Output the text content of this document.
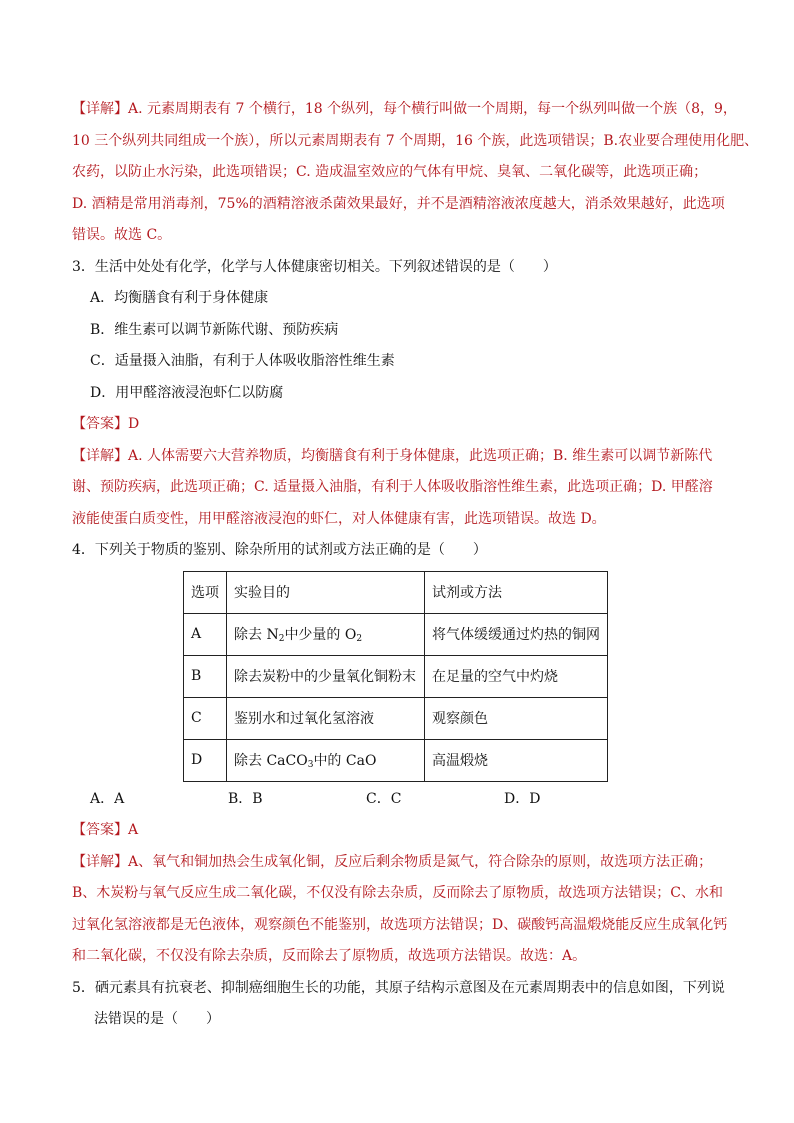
【详解】A. 元素周期表有 7 个横行，18 个纵列，每个横行叫做一个周期，每一个纵列叫做一个族（8，9，
10 三个纵列共同组成一个族），所以元素周期表有 7 个周期，16 个族，此选项错误；B.农业要合理使用化肥、
农药，以防止水污染，此选项错误；C. 造成温室效应的气体有甲烷、臭氧、二氧化碳等，此选项正确；
D. 酒精是常用消毒剂，75%的酒精溶液杀菌效果最好，并不是酒精溶液浓度越大，消杀效果越好，此选项
错误。故选 C。
3．生活中处处有化学，化学与人体健康密切相关。下列叙述错误的是（　　）
A．均衡膳食有利于身体健康
B．维生素可以调节新陈代谢、预防疾病
C．适量摄入油脂，有利于人体吸收脂溶性维生素
D．用甲醛溶液浸泡虾仁以防腐
【答案】D
【详解】A. 人体需要六大营养物质，均衡膳食有利于身体健康，此选项正确；B. 维生素可以调节新陈代
谢、预防疾病，此选项正确；C. 适量摄入油脂，有利于人体吸收脂溶性维生素，此选项正确；D. 甲醛溶
液能使蛋白质变性，用甲醛溶液浸泡的虾仁，对人体健康有害，此选项错误。故选 D。
4．下列关于物质的鉴别、除杂所用的试剂或方法正确的是（　　）
选项	实验目的	试剂或方法
A	除去 $N_2$中少量的 $O_2$	将气体缓缓通过灼热的铜网
B	除去炭粉中的少量氧化铜粉末	在足量的空气中灼烧
C	鉴别水和过氧化氢溶液	观察颜色
D	除去 CaCO$_3$中的 CaO	高温煅烧
A．A	B．B	C．C	D．D
【答案】A
【详解】A、氧气和铜加热会生成氧化铜，反应后剩余物质是氮气，符合除杂的原则，故选项方法正确；
B、木炭粉与氧气反应生成二氧化碳，不仅没有除去杂质，反而除去了原物质，故选项方法错误；C、水和
过氧化氢溶液都是无色液体，观察颜色不能鉴别，故选项方法错误；D、碳酸钙高温煅烧能反应生成氧化钙
和二氧化碳，不仅没有除去杂质，反而除去了原物质，故选项方法错误。故选：A。
5．硒元素具有抗衰老、抑制癌细胞生长的功能，其原子结构示意图及在元素周期表中的信息如图，下列说
法错误的是（　　）
